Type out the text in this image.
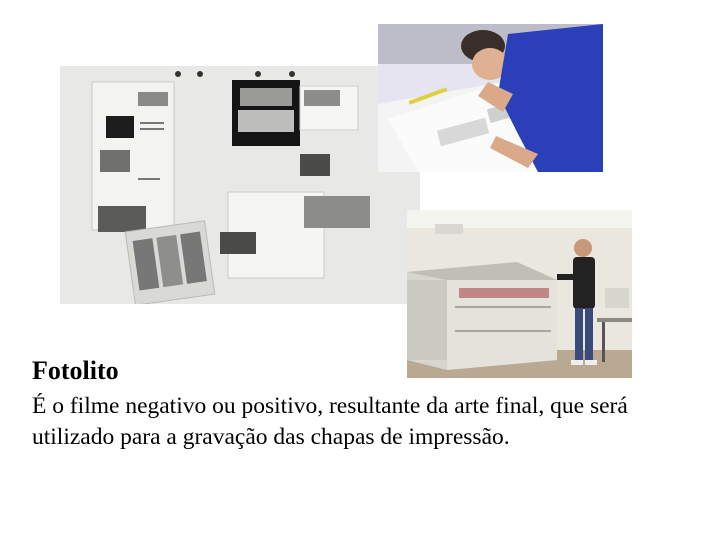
Fotolito

É o filme negativo ou positivo, resultante da arte final, que será utilizado para a gravação das chapas de impressão.
